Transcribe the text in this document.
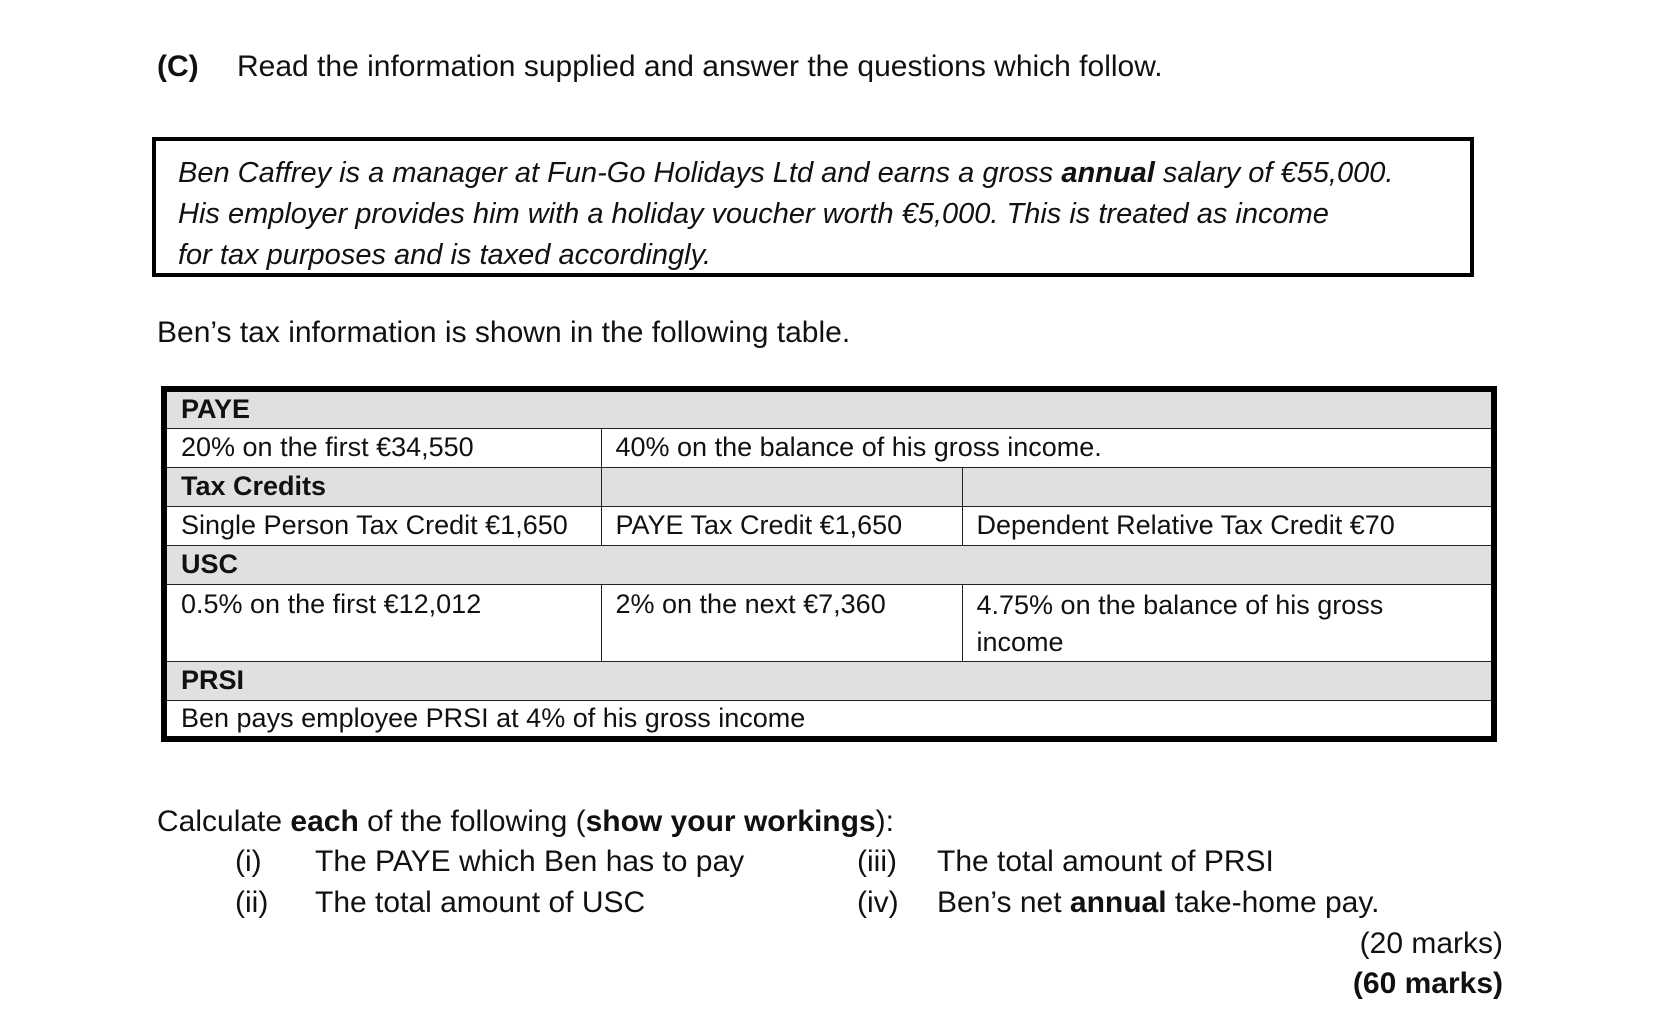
(C) Read the information supplied and answer the questions which follow.
Ben Caffrey is a manager at Fun-Go Holidays Ltd and earns a gross annual salary of €55,000.
His employer provides him with a holiday voucher worth €5,000. This is treated as income
for tax purposes and is taxed accordingly.
Ben’s tax information is shown in the following table.
PAYE		
20% on the first €34,550	40% on the balance of his gross income.	
Tax Credits		
Single Person Tax Credit €1,650	PAYE Tax Credit €1,650	Dependent Relative Tax Credit €70
USC		
0.5% on the first €12,012	2% on the next €7,360	4.75% on the balance of his gross income
PRSI		
Ben pays employee PRSI at 4% of his gross income		
Calculate each of the following (show your workings):
(i) The PAYE which Ben has to pay
(ii) The total amount of USC
(iii) The total amount of PRSI
(iv) Ben’s net annual take-home pay.
(20 marks)
(60 marks)
